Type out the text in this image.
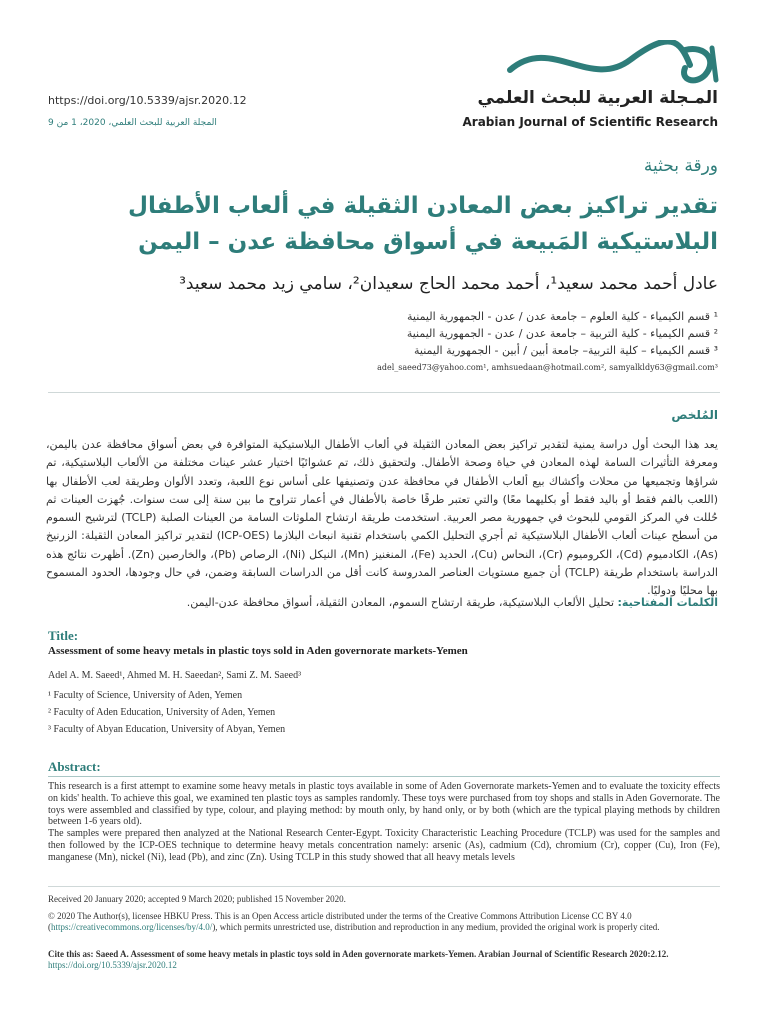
https://doi.org/10.5339/ajsr.2020.12
المجلة العربية للبحث العلمي، 2020، 1 من 9
المـجلة العربية للبحث العلمي
Arabian Journal of Scientific Research
ورقة بحثية
تقدير تراكيز بعض المعادن الثقيلة في ألعاب الأطفال
البلاستيكية المَبيعة في أسواق محافظة عدن – اليمن
عادل أحمد محمد سعيد¹، أحمد محمد الحاج سعيدان²، سامي زيد محمد سعيد³
¹ قسم الكيمياء - كلية العلوم – جامعة عدن / عدن - الجمهورية اليمنية
² قسم الكيمياء - كلية التربية – جامعة عدن / عدن - الجمهورية اليمنية
³ قسم الكيمياء – كلية التربية– جامعة أبين / أبين - الجمهورية اليمنية
adel_saeed73@yahoo.com¹, amhsuedaan@hotmail.com², samyalkldy63@gmail.com³
المُلخص
يعد هذا البحث أول دراسة يمنية لتقدير تراكيز بعض المعادن الثقيلة في ألعاب الأطفال البلاستيكية المتوافرة في بعض أسواق محافظة عدن باليمن، ومعرفة التأثيرات السامة لهذه المعادن في حياة وصحة الأطفال. ولتحقيق ذلك، تم عشوائيًا اختيار عشر عينات مختلفة من الألعاب البلاستيكية، تم شراؤها وتجميعها من محلات وأكشاك بيع ألعاب الأطفال في محافظة عدن وتصنيفها على أساس نوع اللعبة، وتعدد الألوان وطريقة لعب الأطفال بها (اللعب بالفم فقط أو باليد فقط أو بكليهما معًا) والتي تعتبر طرقًا خاصة بالأطفال في أعمار تتراوح ما بين سنة إلى ست سنوات. جُهزت العينات ثم حُللت في المركز القومي للبحوث في جمهورية مصر العربية. استخدمت طريقة ارتشاح الملوثات السامة من العينات الصلبة (TCLP) لترشيح السموم من أسطح عينات ألعاب الأطفال البلاستيكية ثم أجري التحليل الكمي باستخدام تقنية انبعاث البلازما (ICP-OES) لتقدير تراكيز المعادن الثقيلة: الزرنيخ (As)، الكادميوم (Cd)، الكروميوم (Cr)، النحاس (Cu)، الحديد (Fe)، المنغنيز (Mn)، النيكل (Ni)، الرصاص (Pb)، والخارصين (Zn). أظهرت نتائج هذه الدراسة باستخدام طريقة (TCLP) أن جميع مستويات العناصر المدروسة كانت أقل من الدراسات السابقة وضمن، في حال وجودها، الحدود المسموح بها محليًا ودوليًا.
الكلمات المفتاحية: تحليل الألعاب البلاستيكية، طريقة ارتشاح السموم، المعادن الثقيلة، أسواق محافظة عدن-اليمن.
Title:
Assessment of some heavy metals in plastic toys sold in Aden governorate markets-Yemen
Adel A. M. Saeed¹, Ahmed M. H. Saeedan², Sami Z. M. Saeed³
¹ Faculty of Science, University of Aden, Yemen
² Faculty of Aden Education, University of Aden, Yemen
³ Faculty of Abyan Education, University of Abyan, Yemen
Abstract:

This research is a first attempt to examine some heavy metals in plastic toys available in some of Aden Governorate markets-Yemen and to evaluate the toxicity effects on kids' health. To achieve this goal, we examined ten plastic toys as samples randomly. These toys were purchased from toy shops and stalls in Aden Governorate. The toys were assembled and classified by type, colour, and playing method: by mouth only, by hand only, or by both (which are the typical playing methods by children between 1-6 years old).

The samples were prepared then analyzed at the National Research Center-Egypt. Toxicity Characteristic Leaching Procedure (TCLP) was used for the samples and then followed by the ICP-OES technique to determine heavy metals concentration namely: arsenic (As), cadmium (Cd), chromium (Cr), copper (Cu), Iron (Fe), manganese (Mn), nickel (Ni), lead (Pb), and zinc (Zn). Using TCLP in this study showed that all heavy metals levels

Received 20 January 2020; accepted 9 March 2020; published 15 November 2020.
© 2020 The Author(s), licensee HBKU Press. This is an Open Access article distributed under the terms of the Creative Commons Attribution License CC BY 4.0 (https://creativecommons.org/licenses/by/4.0/), which permits unrestricted use, distribution and reproduction in any medium, provided the original work is properly cited.
Cite this as: Saeed A. Assessment of some heavy metals in plastic toys sold in Aden governorate markets-Yemen. Arabian Journal of Scientific Research 2020:2.12. https://doi.org/10.5339/ajsr.2020.12
